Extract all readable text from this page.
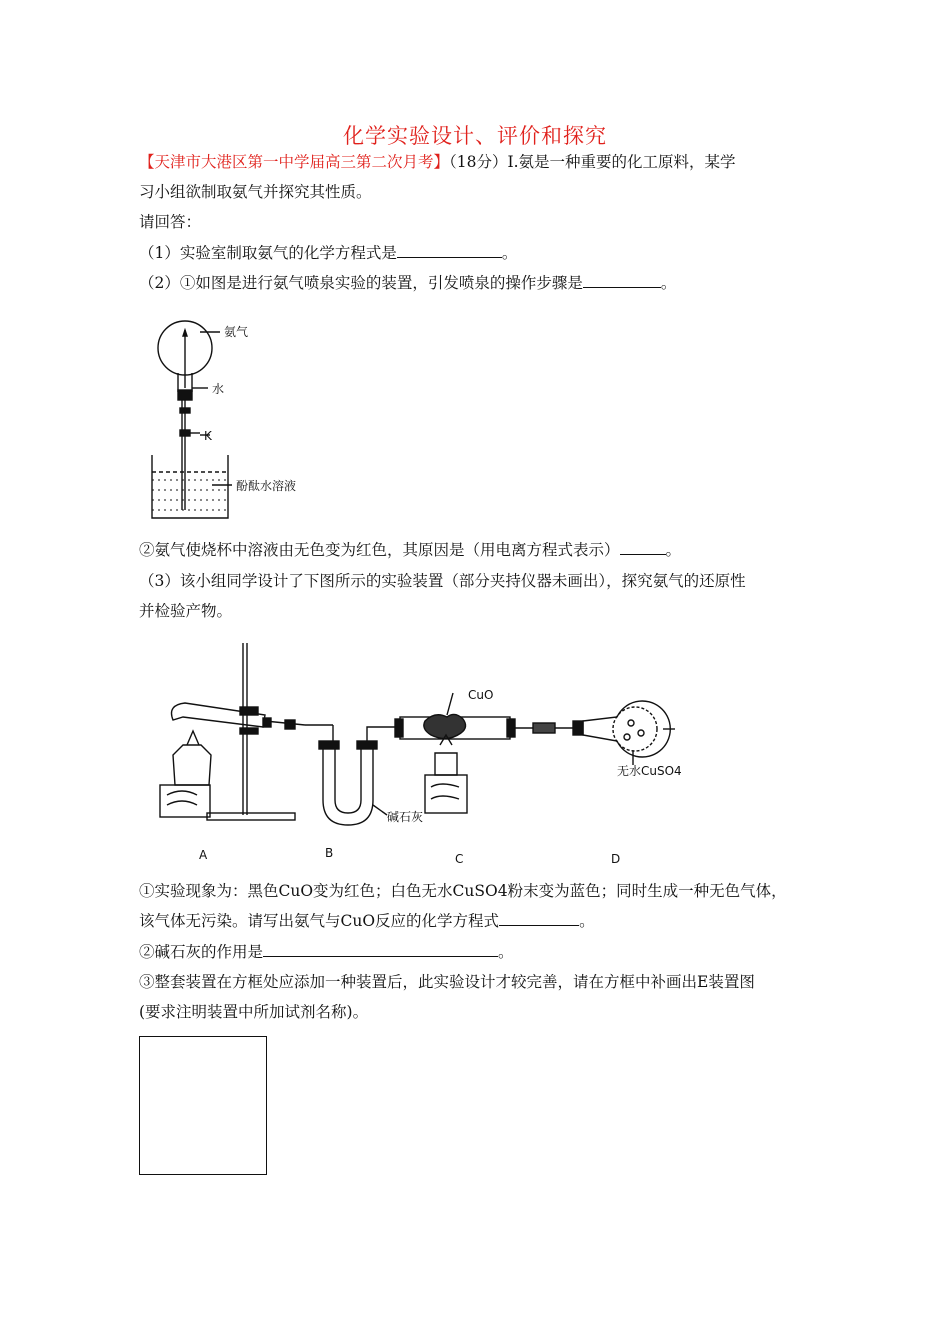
化学实验设计、评价和探究
【天津市大港区第一中学届高三第二次月考】（18分）Ⅰ.氨是一种重要的化工原料，某学
习小组欲制取氨气并探究其性质。
请回答：
（1）实验室制取氨气的化学方程式是	。
（2）①如图是进行氨气喷泉实验的装置，引发喷泉的操作步骤是	。
氨气
水
K
酚酞水溶液
②氨气使烧杯中溶液由无色变为红色，其原因是（用电离方程式表示）	。
（3）该小组同学设计了下图所示的实验装置（部分夹持仪器未画出），探究氨气的还原性
并检验产物。
CuO
碱石灰
无水CuSO4
A	B	C	D
①实验现象为：黑色CuO变为红色；白色无水CuSO4粉末变为蓝色；同时生成一种无色气体，
该气体无污染。请写出氨气与CuO反应的化学方程式	。
②碱石灰的作用是	。
③整套装置在方框处应添加一种装置后，此实验设计才较完善，请在方框中补画出E装置图
(要求注明装置中所加试剂名称)。
